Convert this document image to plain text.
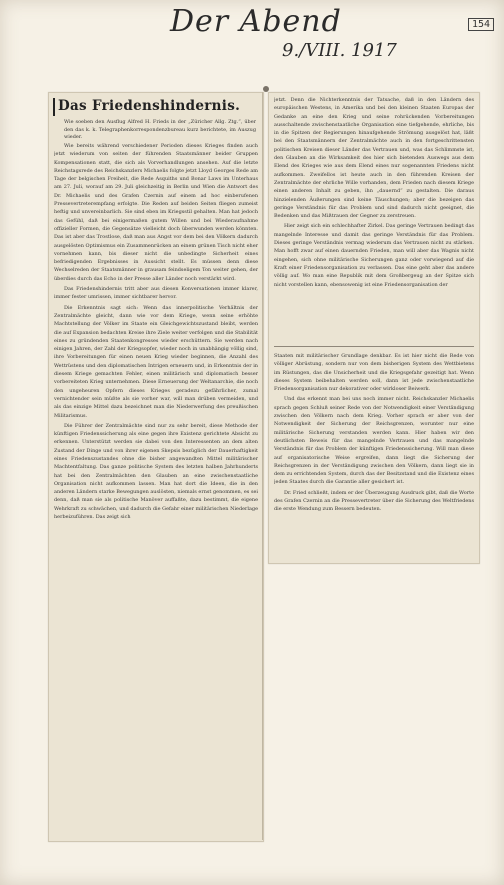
Der Abend
9./VIII. 1917
154
Das Friedenshindernis.
Wie soeben den Ausflug Alfred H. Frieds in der „Züricher Allg. Ztg.“, über den das k. k. Telegraphenkorrespondenzbureau kurz berichtete, im Auszug wieder.

Wie bereits während verschiedener Perioden dieses Krieges finden auch jetzt wiederum von seiten der führenden Staatsmänner beider Gruppen Kompensationen statt, die sich als Vorverhandlungen ansehen. Auf die letzte Reichstagsrede des Reichskanzlers Michaelis folgte jetzt Lloyd Georges Rede am Tage der belgischen Freiheit, die Rede Asquiths und Bonar Laws im Unterhaus am 27. Juli, worauf am 29. Juli gleichzeitig in Berlin und Wien die Antwort des Dr. Michaelis und des Grafen Czernin auf einem ad hoc einberufenen Pressevertreterempfang erfolgte. Die Reden auf beiden Seiten fliegen zumeist heftig und unvereinbarlich. Sie sind eben im Kriegsstil gehalten. Man hat jedoch das Gefühl, daß bei einigermaßen gutem Willen und bei Wiederaufnahme offizieller Formen, die Gegensätze vielleicht doch überwunden werden könnten. Das ist aber das Trostlose, daß man aus Angst vor dem bei den Völkern dadurch ausgelösten Optimismus ein Zusammenrücken an einem grünen Tisch nicht eher vornehmen kann, bis dieser nicht die unbedingte Sicherheit eines befriedigenden Ergebnisses in Aussicht stellt. Es müssen denn diese Wechselreden der Staatsmänner in grausam feindseligem Ton weiter gehen, der überdies durch das Echo in der Presse aller Länder noch verstärkt wird.

Das Friedenshindernis tritt aber aus diesen Konversationen immer klarer, immer fester umrissen, immer sichtbarer hervor.

Die Erkenntnis sagt sich: Wenn das innerpolitische Verhältnis der Zentralmächte gleicht, dann wie vor dem Kriege, wenn seine erhöhte Machtstellung der Völker im Staate ein Gleichgewichtszustand bleibt, werden die auf Expansion bedachten Kreise ihre Ziele weiter verfolgen und die Stabilität eines zu gründenden Staatenkongresses wieder erschüttern. Sie werden nach einigen Jahren, der Zahl der Kriegsopfer, wieder noch in unabhängig völlig sind, ihre Vorbereitungen für einen neuen Krieg wieder beginnen, die Anzahl des Wettrüstens und den diplomatischen Intrigen erneuern und, in Erkenntnis der in diesem Kriege gemachten Fehler, einen militärisch und diplomatisch besser vorbereiteten Krieg unternehmen. Diese Erneuerung der Weltanarchie, die noch den ungeheuren Opfern dieses Krieges geradezu gefährlicher, zumal vernichtender sein müßte als sie vorher war, will man drüben vermeiden, und als das einzige Mittel dazu bezeichnet man die Niederwerfung des preußischen Militarismus.

Die Führer der Zentralmächte sind nur zu sehr bereit, diese Methode der künftigen Friedenssicherung als eine gegen ihre Existenz gerichtete Absicht zu erkennen. Unterstützt werden sie dabei von den Interessenten an dem alten Zustand der Dinge und von ihrer eigenen Skepsis bezüglich der Dauerhaftigkeit eines Friedenszustandes ohne die bisher angewandten Mittel militärischer Machtentfaltung. Das ganze politische System des letzten halben Jahrhunderts hat bei den Zentralmächten den Glauben an eine zwischenstaatliche Organisation nicht aufkommen lassen. Man hat dort die Ideen, die in den anderen Ländern starke Bewegungen auslösten, niemals ernst genommen, es sei denn, daß man sie als politische Manöver auffaßte, dazu bestimmt, die eigene Wehrkraft zu schwächen, und dadurch die Gefahr einer militärischen Niederlage herbeizuführen. Das zeigt sich

jetzt. Denn die Nichterkenntnis der Tatsache, daß in den Ländern des europäischen Westens, in Amerika und bei den kleinen Staaten Europas der Gedanke an eine den Krieg und seine rohrückenden Vorbereitungen ausschaltende zwischenstaatliche Organisation eine tiefgehende, ehrliche, bis in die Spitzen der Regierungen hinaufgehende Strömung ausgelöst hat, läßt bei den Staatsmännern der Zentralmächte auch in den fortgeschrittensten politischen Kreisen dieser Länder das Vertrauen und, was das Schlimmste ist, den Glauben an die Wirksamkeit des hier sich bietenden Auswegs aus dem Elend des Krieges wie aus dem Elend eines nur sogenannten Friedens nicht aufkommen. Zweifellos ist heute auch in den führenden Kreisen der Zentralmächte der ehrliche Wille vorhanden, dem Frieden nach diesem Kriege einen anderen Inhalt zu geben, ihn „dauernd“ zu gestalten. Die daraus hinzielenden Äußerungen sind keine Täuschungen; aber die bezeigen das geringe Verständnis für das Problem und sind dadurch nicht geeignet, die Bedenken und das Mißtrauen der Gegner zu zerstreuen.

Hier zeigt sich ein schlechhafter Zirkel. Das geringe Vertrauen bedingt das mangelnde Interesse und damit das geringe Verständnis für das Problem. Dieses geringe Verständnis vermag wiederum das Vertrauen nicht zu stärken. Man hofft zwar auf einen dauernden Frieden, man will aber das Wagnis nicht eingehen, sich ohne militärische Sicherungen ganz oder vorwiegend auf die Kraft einer Friedensorganisation zu verlassen. Das eine geht aber das andere völlig auf. Wo man eine Republik mit dem Großbergeug an der Spitze sich nicht vorstellen kann, ebensowenig ist eine Friedensorganisation der

Staaten mit militärischer Grundlage denkbar. Es ist hier nicht die Rede von völliger Abrüstung, sondern nur von dem bisherigen System des Wettbietens im Rüstungen, das die Unsicherheit und die Kriegsgefahr gezeitigt hat. Wenn dieses System beibehalten werden soll, dann ist jede zwischenstaatliche Friedensorganisation nur dekorativer oder wirkloser Beiwerk.

Und das erkennt man bei uns noch immer nicht. Reichskanzler Michaelis sprach gegen Schluß seiner Rede von der Notwendigkeit einer Verständigung zwischen den Völkern nach dem Krieg. Vorher sprach er aber von der Notwendigkeit der Sicherung der Reichsgrenzen, worunter nur eine militärische Sicherung verstanden werden kann. Hier haben wir den deutlichsten Beweis für das mangelnde Vertrauen und das mangelnde Verständnis für das Problem der künftigen Friedenssicherung. Will man diese auf organisatorische Weise ergreifen, dann liegt die Sicherung der Reichsgrenzen in der Verständigung zwischen den Völkern, dann liegt sie in dem zu errichtenden System, durch das der Besitzstand und die Existenz eines jeden Staates durch die Garantie aller gesichert ist.

Dr. Fried schließt, indem er der Überzeugung Ausdruck gibt, daß die Worte des Grafen Czernin an die Pressevertreter über die Sicherung des Weltfriedens die erste Wendung zum Bessern bedeuten.
